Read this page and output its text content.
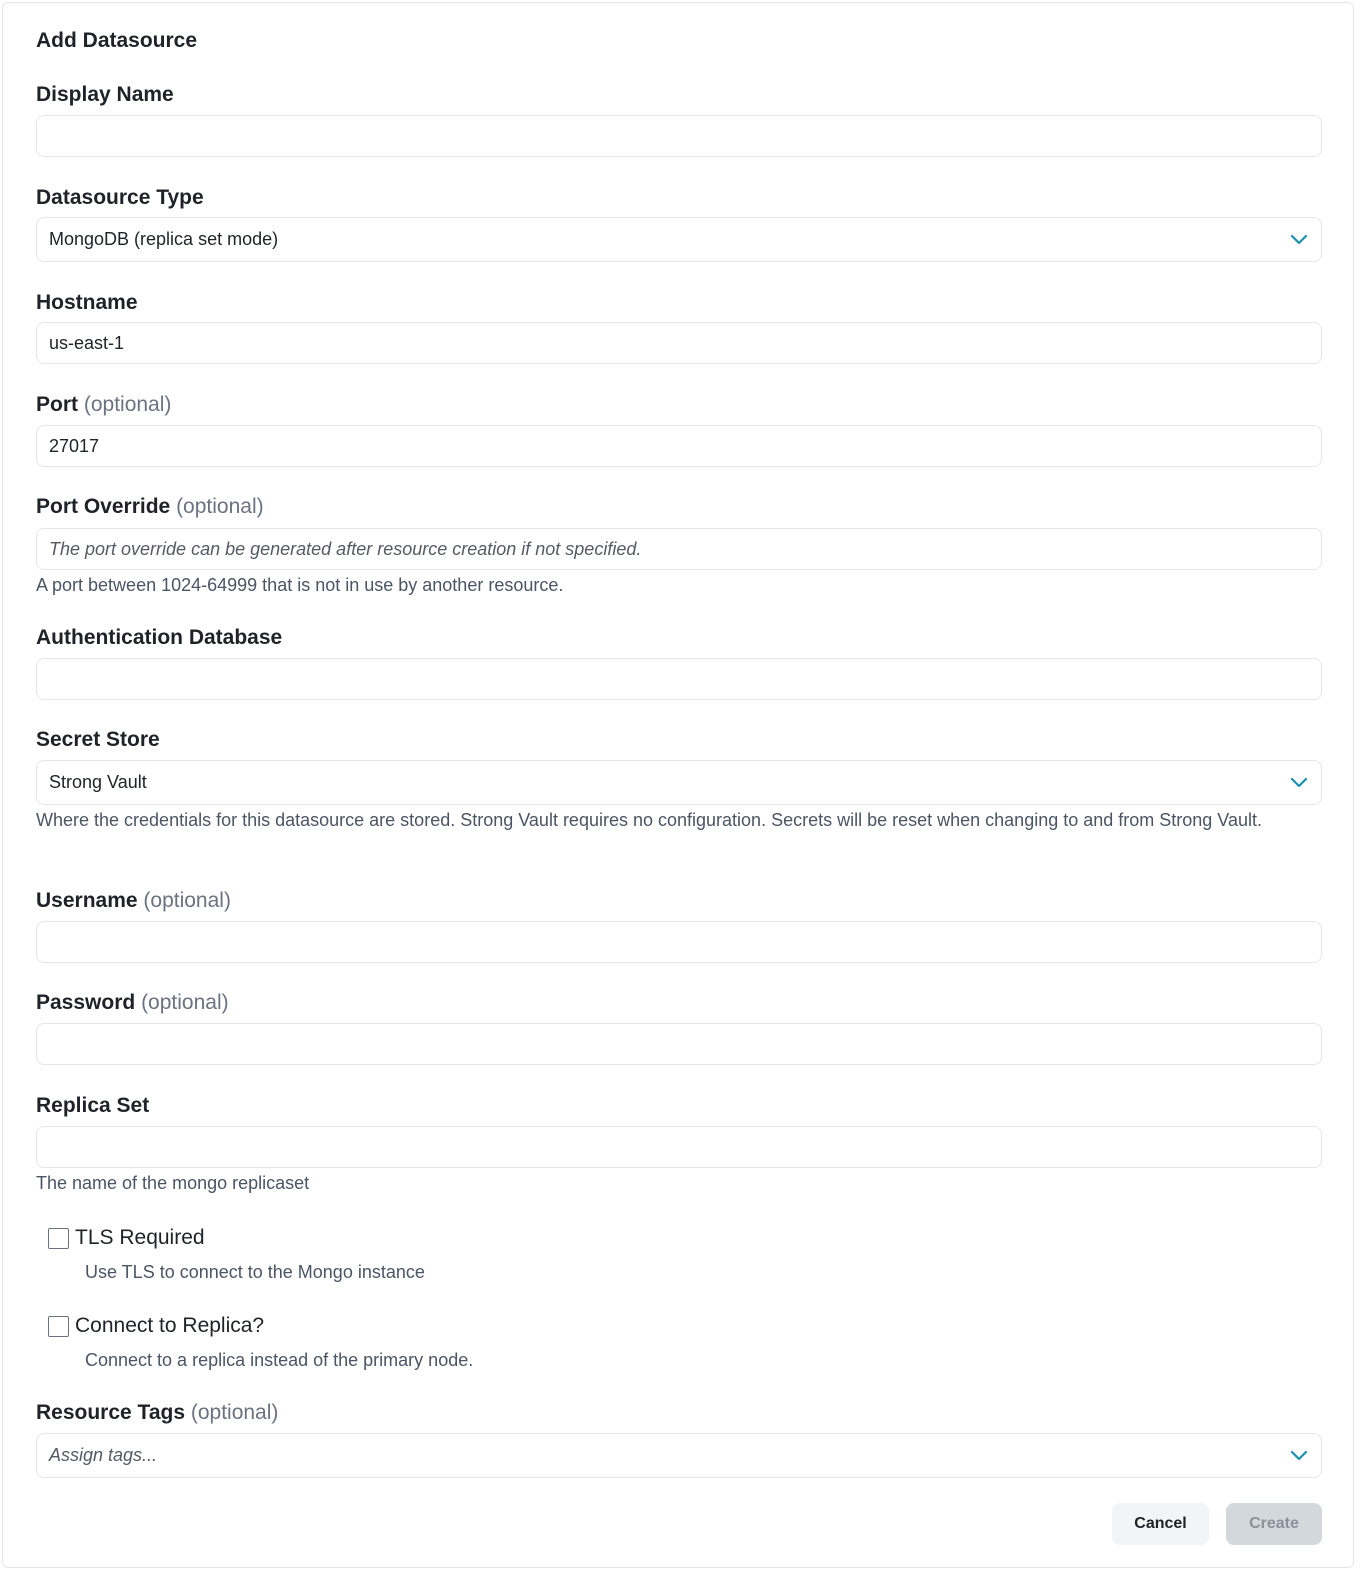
Add Datasource
Display Name
Datasource Type
MongoDB (replica set mode)
Hostname
us-east-1
Port (optional)
27017
Port Override (optional)
The port override can be generated after resource creation if not specified.
A port between 1024-64999 that is not in use by another resource.
Authentication Database
Secret Store
Strong Vault
Where the credentials for this datasource are stored. Strong Vault requires no configuration. Secrets will be reset when changing to and from Strong Vault.
Username (optional)
Password (optional)
Replica Set
The name of the mongo replicaset
TLS Required
Use TLS to connect to the Mongo instance
Connect to Replica?
Connect to a replica instead of the primary node.
Resource Tags (optional)
Assign tags...
Cancel	Create
